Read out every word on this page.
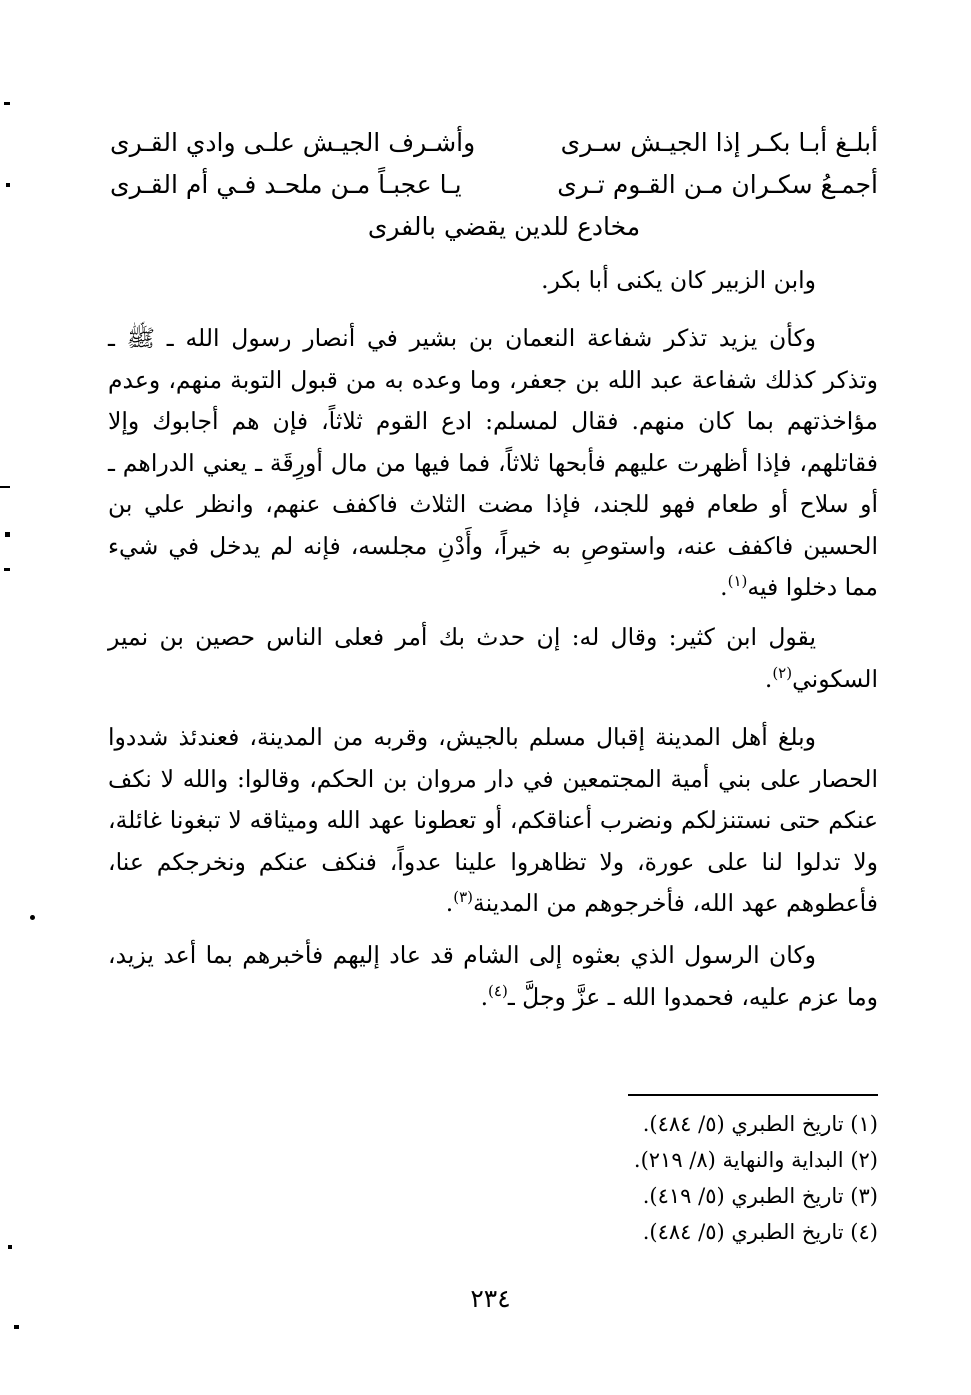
أبلـغ أبـا بكـر إذا الجيـش سـرى
وأشـرف الجيـش علـى وادي القـرى
أجمـعُ سكـران مـن القـوم تـرى
يـا عجبـاً مـن ملحـد فـي أم القـرى
مخادع للدين يقضي بالفرى

وابن الزبير كان يكنى أبا بكر.

وكأن يزيد تذكر شفاعة النعمان بن بشير في أنصار رسول الله ـ ﷺ ـ وتذكر كذلك شفاعة عبد الله بن جعفر، وما وعده به من قبول التوبة منهم، وعدم مؤاخذتهم بما كان منهم. فقال لمسلم: ادع القوم ثلاثاً، فإن هم أجابوك وإلا فقاتلهم، فإذا أظهرت عليهم فأبحها ثلاثاً، فما فيها من مال أورِقَة ـ يعني الدراهم ـ أو سلاح أو طعام فهو للجند، فإذا مضت الثلاث فاكفف عنهم، وانظر علي بن الحسين فاكفف عنه، واستوصِ به خيراً، وأَدْنِ مجلسه، فإنه لم يدخل في شيء مما دخلوا فيه$^{(١)}$.

يقول ابن كثير: وقال له: إن حدث بك أمر فعلى الناس حصين بن نمير السكوني$^{(٢)}$.

وبلغ أهل المدينة إقبال مسلم بالجيش، وقربه من المدينة، فعندئذ شددوا الحصار على بني أمية المجتمعين في دار مروان بن الحكم، وقالوا: والله لا نكف عنكم حتى نستنزلكم ونضرب أعناقكم، أو تعطونا عهد الله وميثاقه لا تبغونا غائلة، ولا تدلوا لنا على عورة، ولا تظاهروا علينا عدواً، فنكف عنكم ونخرجكم عنا، فأعطوهم عهد الله، فأخرجوهم من المدينة$^{(٣)}$.

وكان الرسول الذي بعثوه إلى الشام قد عاد إليهم فأخبرهم بما أعد يزيد، وما عزم عليه، فحمدوا الله ـ عزَّ وجلَّ ـ$^{(٤)}$.

(١) تاريخ الطبري (٥/ ٤٨٤).
(٢) البداية والنهاية (٨/ ٢١٩).
(٣) تاريخ الطبري (٥/ ٤١٩).
(٤) تاريخ الطبري (٥/ ٤٨٤).
٢٣٤
